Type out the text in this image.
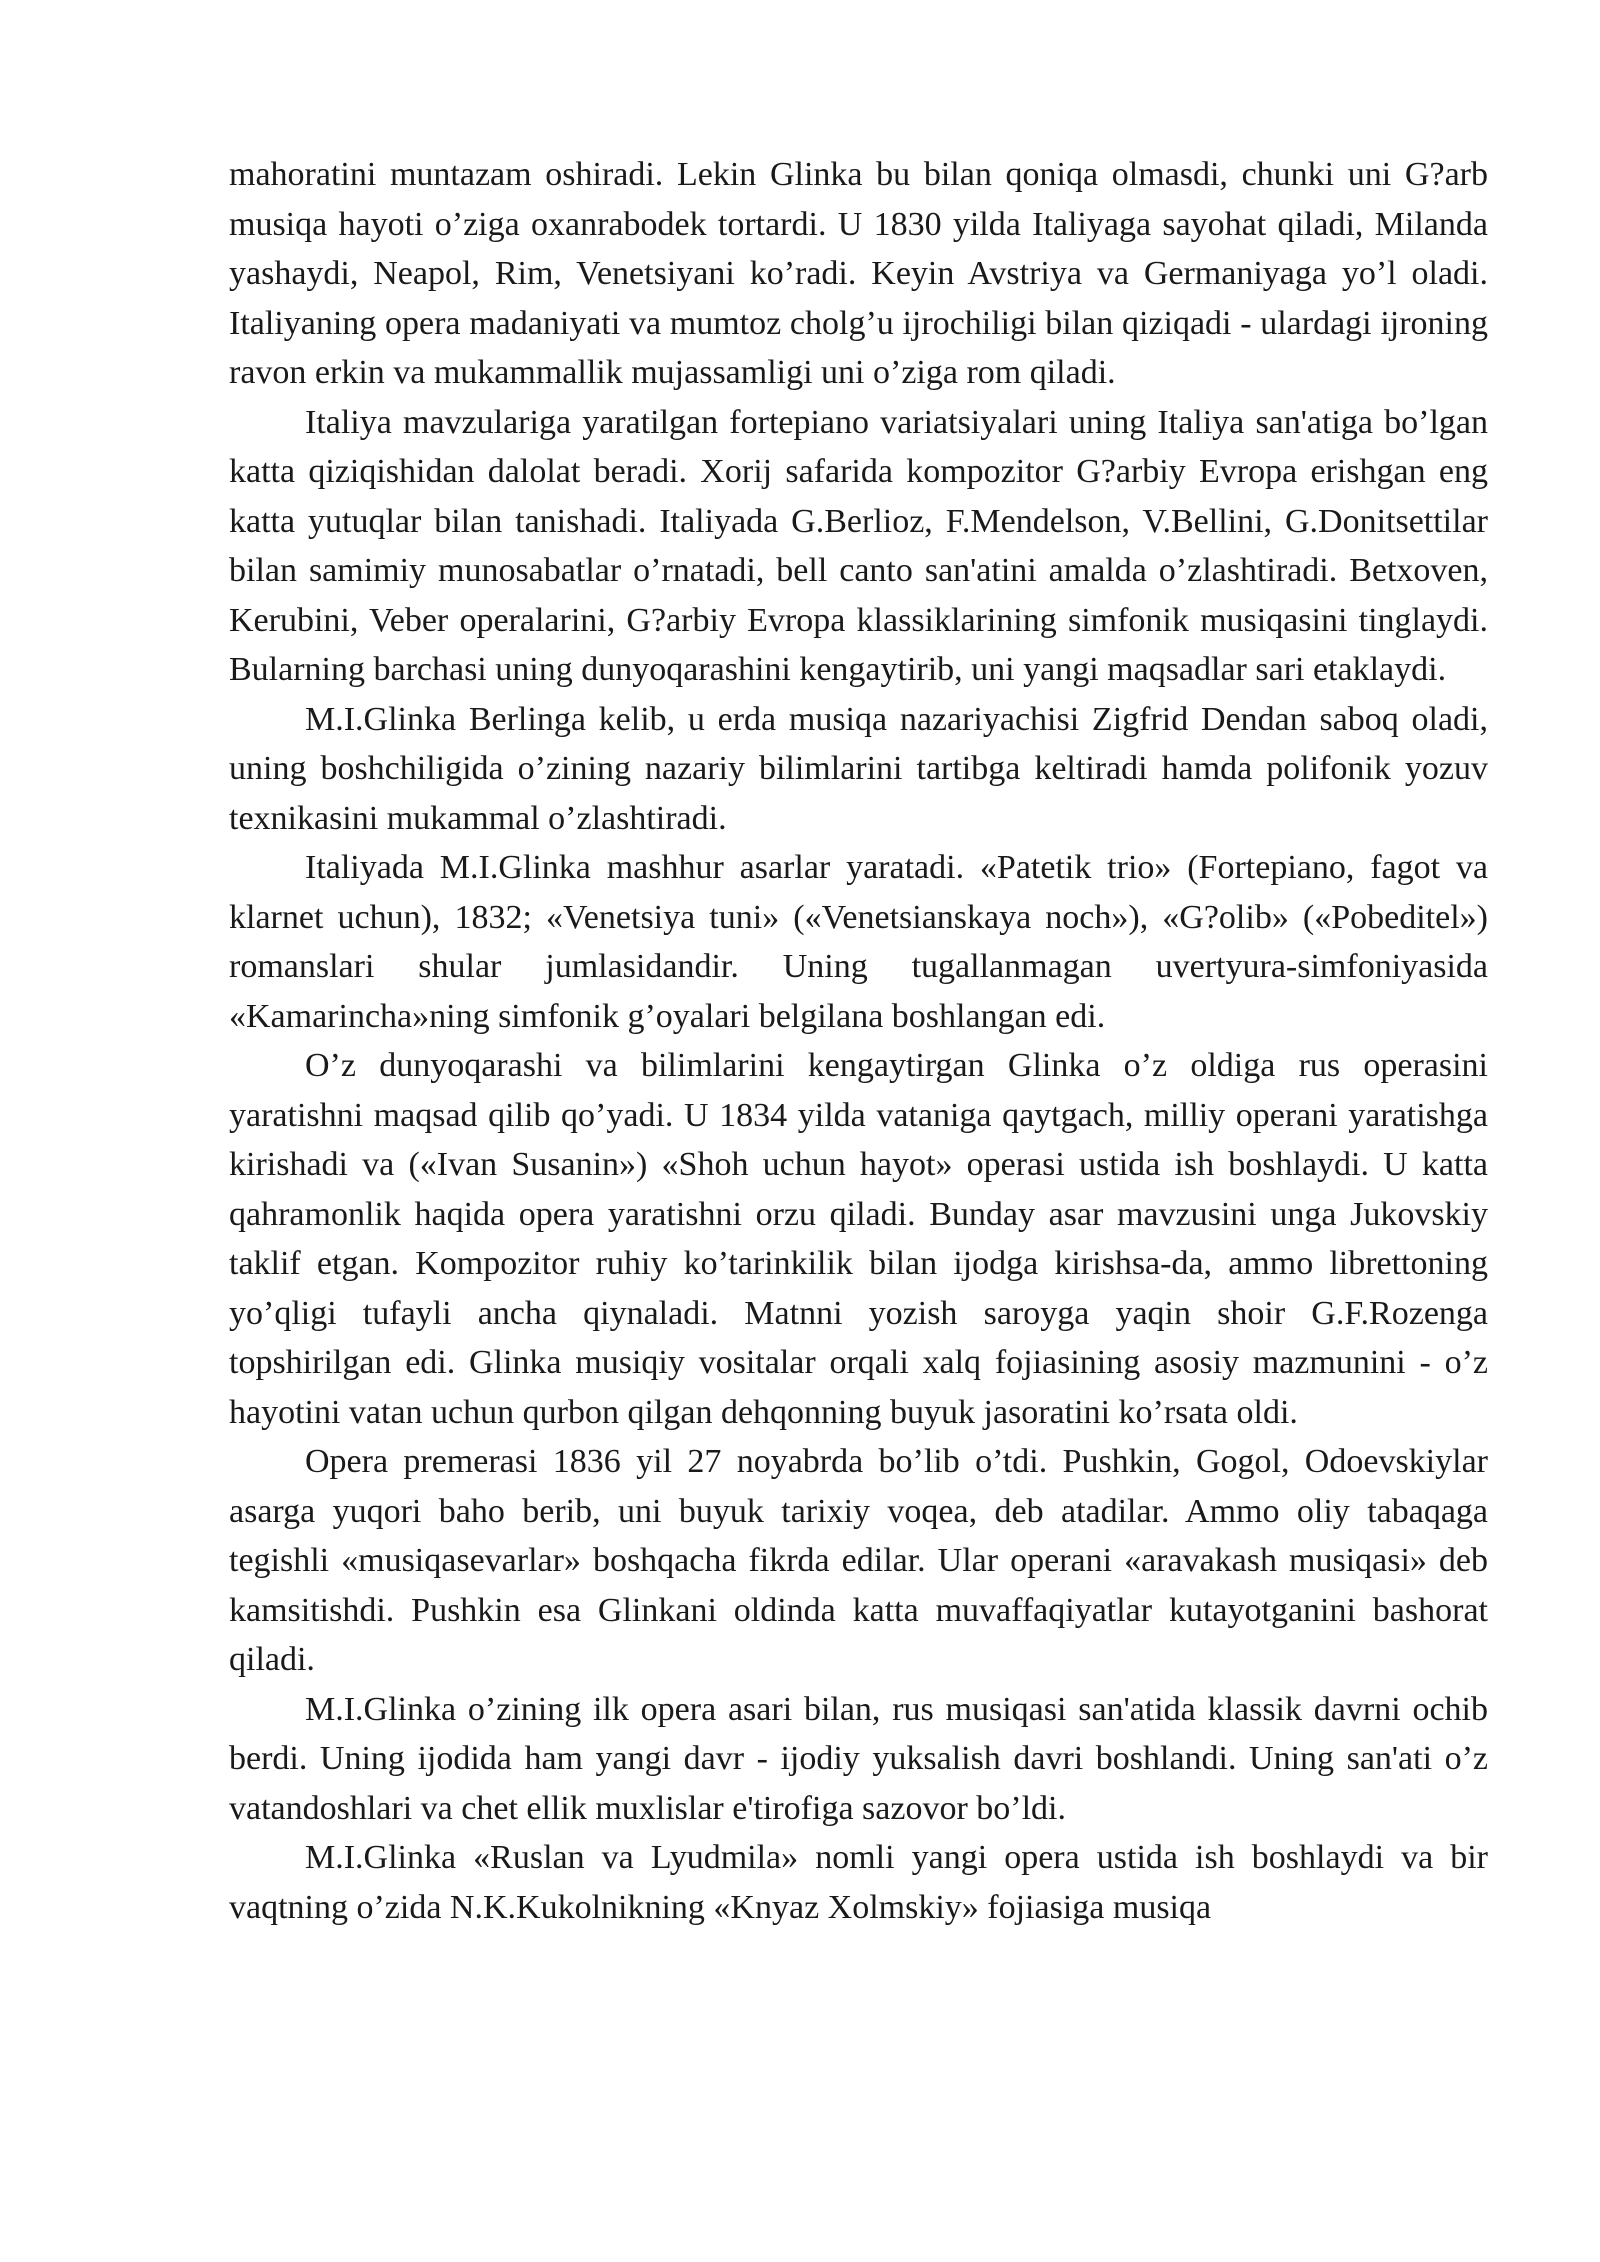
mahoratini muntazam oshiradi. Lekin Glinka bu bilan qoniqa olmasdi, chunki uni G?arb musiqa hayoti o’ziga oxanrabodek tortardi. U 1830 yilda Italiyaga sayohat qiladi, Milanda yashaydi, Neapol, Rim, Venetsiyani ko’radi. Keyin Avstriya va Germaniyaga yo’l oladi. Italiyaning opera madaniyati va mumtoz cholg’u ijrochiligi bilan qiziqadi - ulardagi ijroning ravon erkin va mukammallik mujassamligi uni o’ziga rom qiladi.

Italiya mavzulariga yaratilgan fortepiano variatsiyalari uning Italiya san'atiga bo’lgan katta qiziqishidan dalolat beradi. Xorij safarida kompozitor G?arbiy Evropa erishgan eng katta yutuqlar bilan tanishadi. Italiyada G.Berlioz, F.Mendelson, V.Bellini, G.Donitsettilar bilan samimiy munosabatlar o’rnatadi, bell canto san'atini amalda o’zlashtiradi. Betxoven, Kerubini, Veber operalarini, G?arbiy Evropa klassiklarining simfonik musiqasini tinglaydi. Bularning barchasi uning dunyoqarashini kengaytirib, uni yangi maqsadlar sari etaklaydi.

M.I.Glinka Berlinga kelib, u erda musiqa nazariyachisi Zigfrid Dendan saboq oladi, uning boshchiligida o’zining nazariy bilimlarini tartibga keltiradi hamda polifonik yozuv texnikasini mukammal o’zlashtiradi.

Italiyada M.I.Glinka mashhur asarlar yaratadi. «Patetik trio» (Fortepiano, fagot va klarnet uchun), 1832; «Venetsiya tuni» («Venetsianskaya noch»), «G?olib» («Pobeditel») romanslari shular jumlasidandir. Uning tugallanmagan uvertyura-simfoniyasida «Kamarincha»ning simfonik g’oyalari belgilana boshlangan edi.

O’z dunyoqarashi va bilimlarini kengaytirgan Glinka o’z oldiga rus operasini yaratishni maqsad qilib qo’yadi. U 1834 yilda vataniga qaytgach, milliy operani yaratishga kirishadi va («Ivan Susanin») «Shoh uchun hayot» operasi ustida ish boshlaydi. U katta qahramonlik haqida opera yaratishni orzu qiladi. Bunday asar mavzusini unga Jukovskiy taklif etgan. Kompozitor ruhiy ko’tarinkilik bilan ijodga kirishsa-da, ammo librettoning yo’qligi tufayli ancha qiynaladi. Matnni yozish saroyga yaqin shoir G.F.Rozenga topshirilgan edi. Glinka musiqiy vositalar orqali xalq fojiasining asosiy mazmunini - o’z hayotini vatan uchun qurbon qilgan dehqonning buyuk jasoratini ko’rsata oldi.

Opera premerasi 1836 yil 27 noyabrda bo’lib o’tdi. Pushkin, Gogol, Odoevskiylar asarga yuqori baho berib, uni buyuk tarixiy voqea, deb atadilar. Ammo oliy tabaqaga tegishli «musiqasevarlar» boshqacha fikrda edilar. Ular operani «aravakash musiqasi» deb kamsitishdi. Pushkin esa Glinkani oldinda katta muvaffaqiyatlar kutayotganini bashorat qiladi.

M.I.Glinka o’zining ilk opera asari bilan, rus musiqasi san'atida klassik davrni ochib berdi. Uning ijodida ham yangi davr - ijodiy yuksalish davri boshlandi. Uning san'ati o’z vatandoshlari va chet ellik muxlislar e'tirofiga sazovor bo’ldi.

M.I.Glinka «Ruslan va Lyudmila» nomli yangi opera ustida ish boshlaydi va bir vaqtning o’zida N.K.Kukolnikning «Knyaz Xolmskiy» fojiasiga musiqa
